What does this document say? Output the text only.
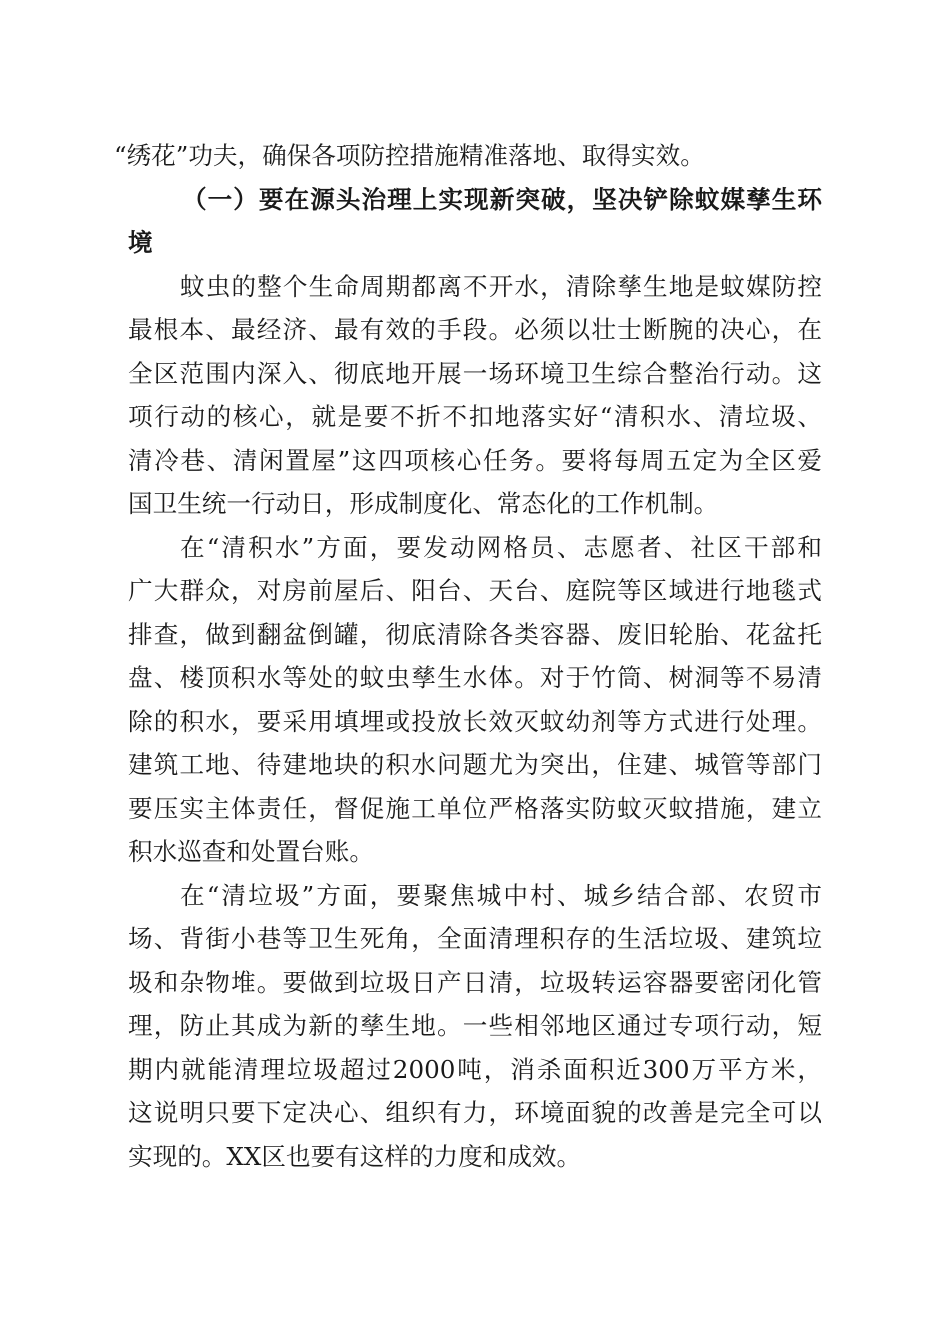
“绣花”功夫，确保各项防控措施精准落地、取得实效。
（一）要在源头治理上实现新突破，坚决铲除蚊媒孳生环
境
蚊虫的整个生命周期都离不开水，清除孳生地是蚊媒防控
最根本、最经济、最有效的手段。必须以壮士断腕的决心，在
全区范围内深入、彻底地开展一场环境卫生综合整治行动。这
项行动的核心，就是要不折不扣地落实好“清积水、清垃圾、
清冷巷、清闲置屋”这四项核心任务。要将每周五定为全区爱
国卫生统一行动日，形成制度化、常态化的工作机制。
在“清积水”方面，要发动网格员、志愿者、社区干部和
广大群众，对房前屋后、阳台、天台、庭院等区域进行地毯式
排查，做到翻盆倒罐，彻底清除各类容器、废旧轮胎、花盆托
盘、楼顶积水等处的蚊虫孳生水体。对于竹筒、树洞等不易清
除的积水，要采用填埋或投放长效灭蚊幼剂等方式进行处理。
建筑工地、待建地块的积水问题尤为突出，住建、城管等部门
要压实主体责任，督促施工单位严格落实防蚊灭蚊措施，建立
积水巡查和处置台账。
在“清垃圾”方面，要聚焦城中村、城乡结合部、农贸市
场、背街小巷等卫生死角，全面清理积存的生活垃圾、建筑垃
圾和杂物堆。要做到垃圾日产日清，垃圾转运容器要密闭化管
理，防止其成为新的孳生地。一些相邻地区通过专项行动，短
期内就能清理垃圾超过2000吨，消杀面积近300万平方米，
这说明只要下定决心、组织有力，环境面貌的改善是完全可以
实现的。XX区也要有这样的力度和成效。
